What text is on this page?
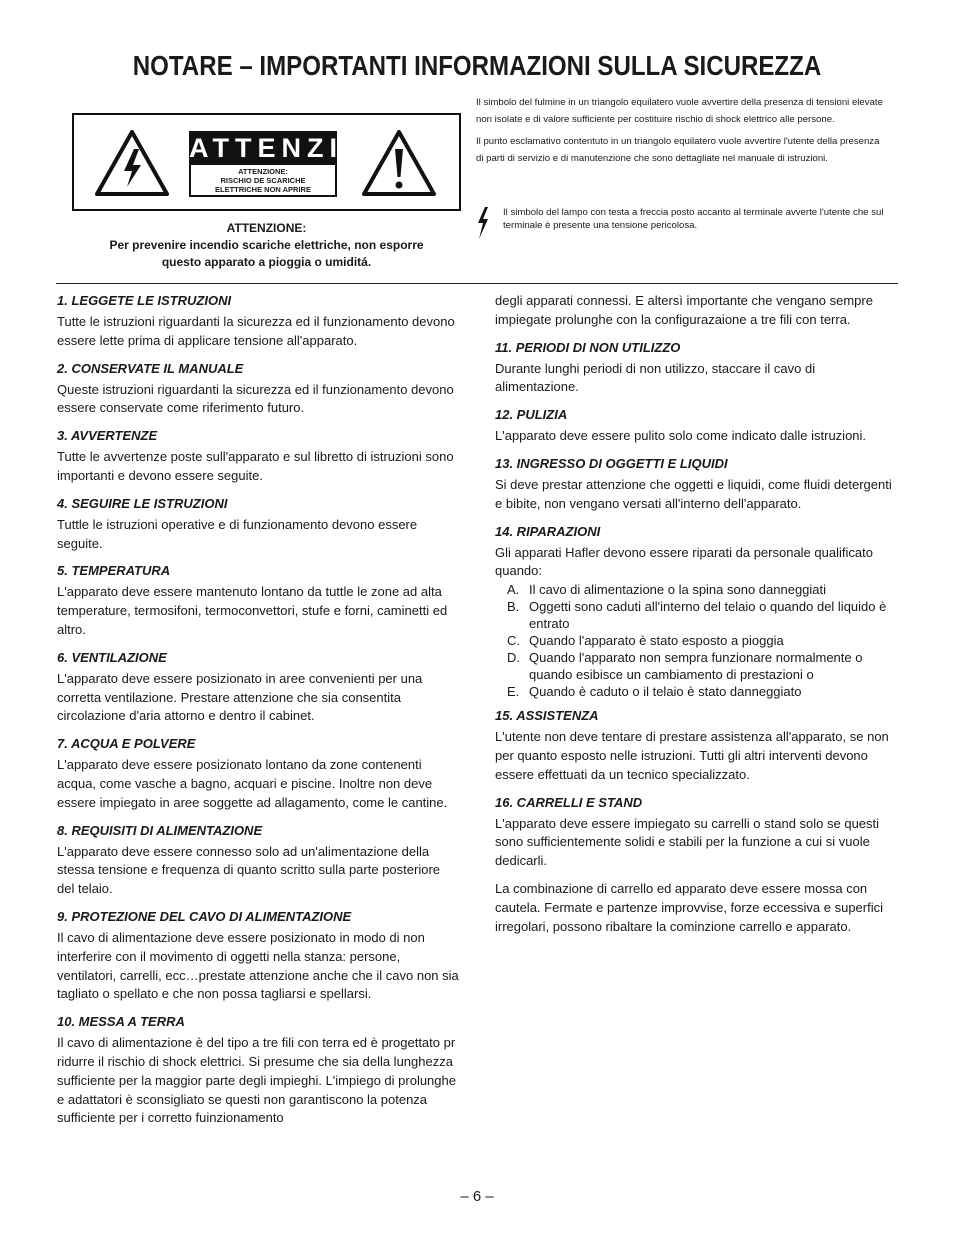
NOTARE – IMPORTANTI INFORMAZIONI SULLA SICUREZZA
ATTENZION
ATTENZIONE:
RISCHIO DE SCARICHE
ELETTRICHE NON APRIRE
ATTENZIONE:
Per prevenire incendio scariche elettriche, non esporre
questo apparato a pioggia o umiditá.

Il simbolo del fulmine in un triangolo equilatero vuole avvertire della presenza di tensioni elevate non isolate e di valore sufficiente per costituire rischio di shock elettrico alle persone.

Il punto esclamativo contentuto in un triangolo equilatero vuole avvertire l'utente della presenza di parti di servizio e di manutenzione che sono dettagliate nel manuale di istruzioni.

Il simbolo del lampo con testa a freccia posto accanto al terminale avverte l'utente che sul terminale è presente una tensione pericolosa.
1. LEGGETE LE ISTRUZIONI
Tutte le istruzioni riguardanti la sicurezza ed il funzionamento devono essere lette prima di applicare tensione all'apparato.
2. CONSERVATE IL MANUALE
Queste istruzioni riguardanti la sicurezza ed il funzionamento devono essere conservate come riferimento futuro.
3. AVVERTENZE
Tutte le avvertenze poste sull'apparato e sul libretto di istruzioni sono importanti e devono essere seguite.
4. SEGUIRE LE ISTRUZIONI
Tuttle le istruzioni operative e di funzionamento devono essere seguite.
5. TEMPERATURA
L'apparato deve essere mantenuto lontano da tuttle le zone ad alta temperature, termosifoni, termoconvettori, stufe e forni, caminetti ed altro.
6. VENTILAZIONE
L'apparato deve essere posizionato in aree convenienti per una corretta ventilazione. Prestare attenzione che sia consentita circolazione d'aria attorno e dentro il cabinet.
7. ACQUA E POLVERE
L'apparato deve essere posizionato lontano da zone contenenti acqua, come vasche a bagno, acquari e piscine. Inoltre non deve essere impiegato in aree soggette ad allagamento, come le cantine.
8. REQUISITI DI ALIMENTAZIONE
L'apparato deve essere connesso solo ad un'alimentazione della stessa tensione e frequenza di quanto scritto sulla parte posteriore del telaio.
9. PROTEZIONE DEL CAVO DI ALIMENTAZIONE
Il cavo di alimentazione deve essere posizionato in modo di non interferire con il movimento di oggetti nella stanza: persone, ventilatori, carrelli, ecc…prestate attenzione anche che il cavo non sia tagliato o spellato e che non possa tagliarsi e spellarsi.
10. MESSA A TERRA
Il cavo di alimentazione è del tipo a tre fili con terra ed è progettato pr ridurre il rischio di shock elettrici. Si presume che sia della lunghezza sufficiente per la maggior parte degli impieghi. L'impiego di prolunghe e adattatori è sconsigliato se questi non garantiscono la potenza sufficiente per i corretto fuinzionamento
degli apparati connessi. E altersì importante che vengano sempre impiegate prolunghe con la configurazaione a tre fili con terra.
11. PERIODI DI NON UTILIZZO
Durante lunghi periodi di non utilizzo, staccare il cavo di alimentazione.
12. PULIZIA
L'apparato deve essere pulito solo come indicato dalle istruzioni.
13. INGRESSO DI OGGETTI E LIQUIDI
Si deve prestar attenzione che oggetti e liquidi, come fluidi detergenti e bibite, non vengano versati all'interno dell'apparato.
14. RIPARAZIONI
Gli apparati Hafler devono essere riparati da personale qualificato quando:
A. Il cavo di alimentazione o la spina sono danneggiati
B. Oggetti sono caduti all'interno del telaio o quando del liquido è entrato
C. Quando l'apparato è stato esposto a pioggia
D. Quando l'apparato non sempra funzionare normalmente o quando esibisce un cambiamento di prestazioni o
E. Quando è caduto o il telaio è stato danneggiato
15. ASSISTENZA
L'utente non deve tentare di prestare assistenza all'apparato, se non per quanto esposto nelle istruzioni. Tutti gli altri interventi devono essere effettuati da un tecnico specializzato.
16. CARRELLI E STAND
L'apparato deve essere impiegato su carrelli o stand solo se questi sono sufficientemente solidi e stabili per la funzione a cui si vuole dedicarli.
La combinazione di carrello ed apparato deve essere mossa con cautela. Fermate e partenze improvvise, forze eccessiva e superfici irregolari, possono ribaltare la cominzione carrello e apparato.
– 6 –
